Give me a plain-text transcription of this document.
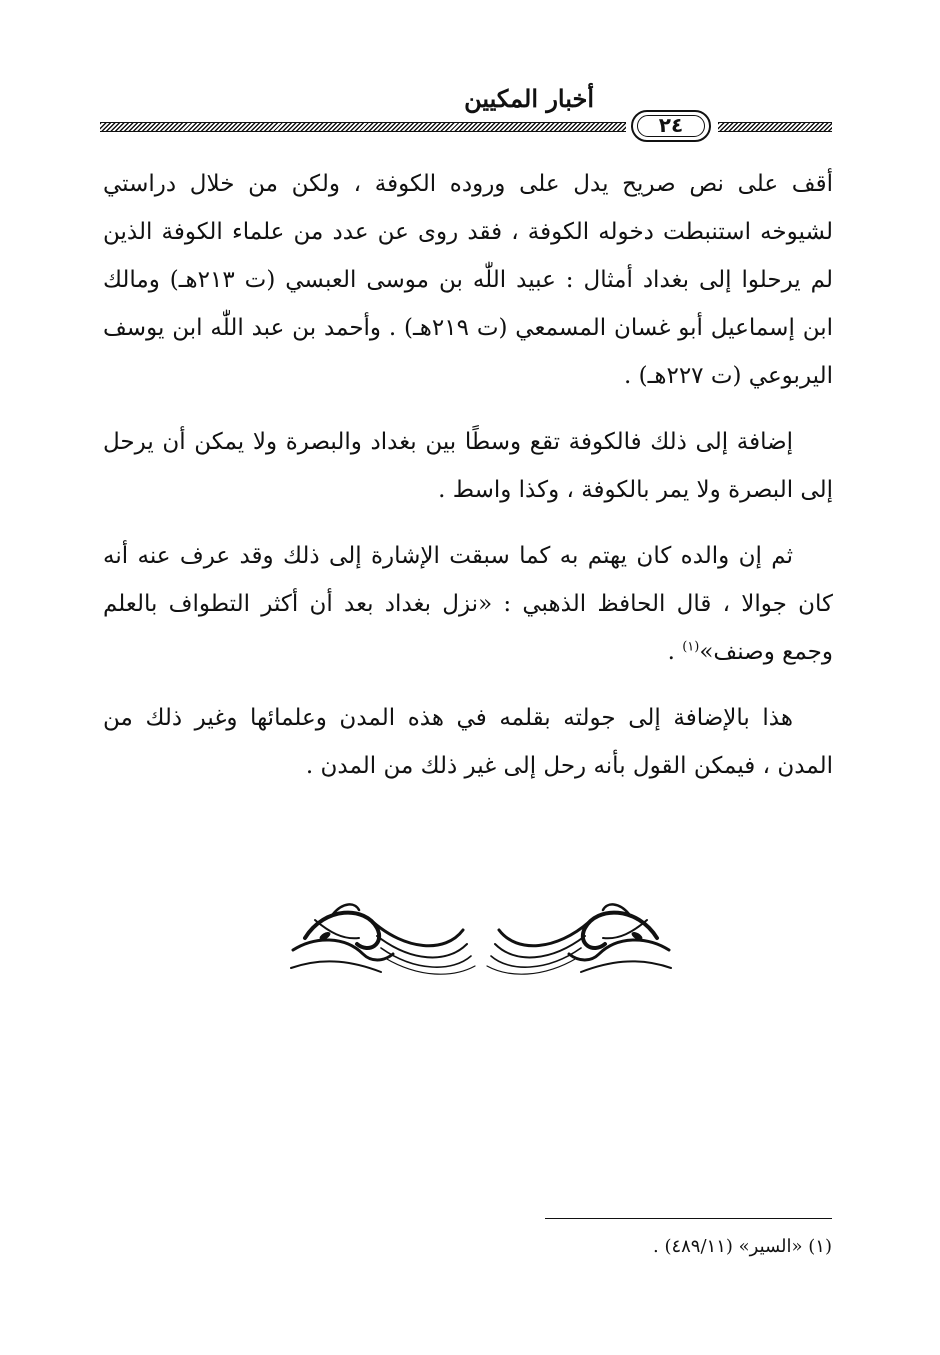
أخبار المكيين
٢٤

أقف على نص صريح يدل على وروده الكوفة ، ولكن من خلال دراستي لشيوخه استنبطت دخوله الكوفة ، فقد روى عن عدد من علماء الكوفة الذين لم يرحلوا إلى بغداد أمثال : عبيد اللّٰه بن موسى العبسي (ت ٢١٣هـ) ومالك ابن إسماعيل أبو غسان المسمعي (ت ٢١٩هـ) . وأحمد بن عبد اللّٰه ابن يوسف اليربوعي (ت ٢٢٧هـ) .

إضافة إلى ذلك فالكوفة تقع وسطًا بين بغداد والبصرة ولا يمكن أن يرحل إلى البصرة ولا يمر بالكوفة ، وكذا واسط .

ثم إن والده كان يهتم به كما سبقت الإشارة إلى ذلك وقد عرف عنه أنه كان جوالا ، قال الحافظ الذهبي : «نزل بغداد بعد أن أكثر التطواف بالعلم وجمع وصنف»$^{(١)}$ .

هذا بالإضافة إلى جولته بقلمه في هذه المدن وعلمائها وغير ذلك من المدن ، فيمكن القول بأنه رحل إلى غير ذلك من المدن .

(١) «السير» (٤٨٩/١١) .
